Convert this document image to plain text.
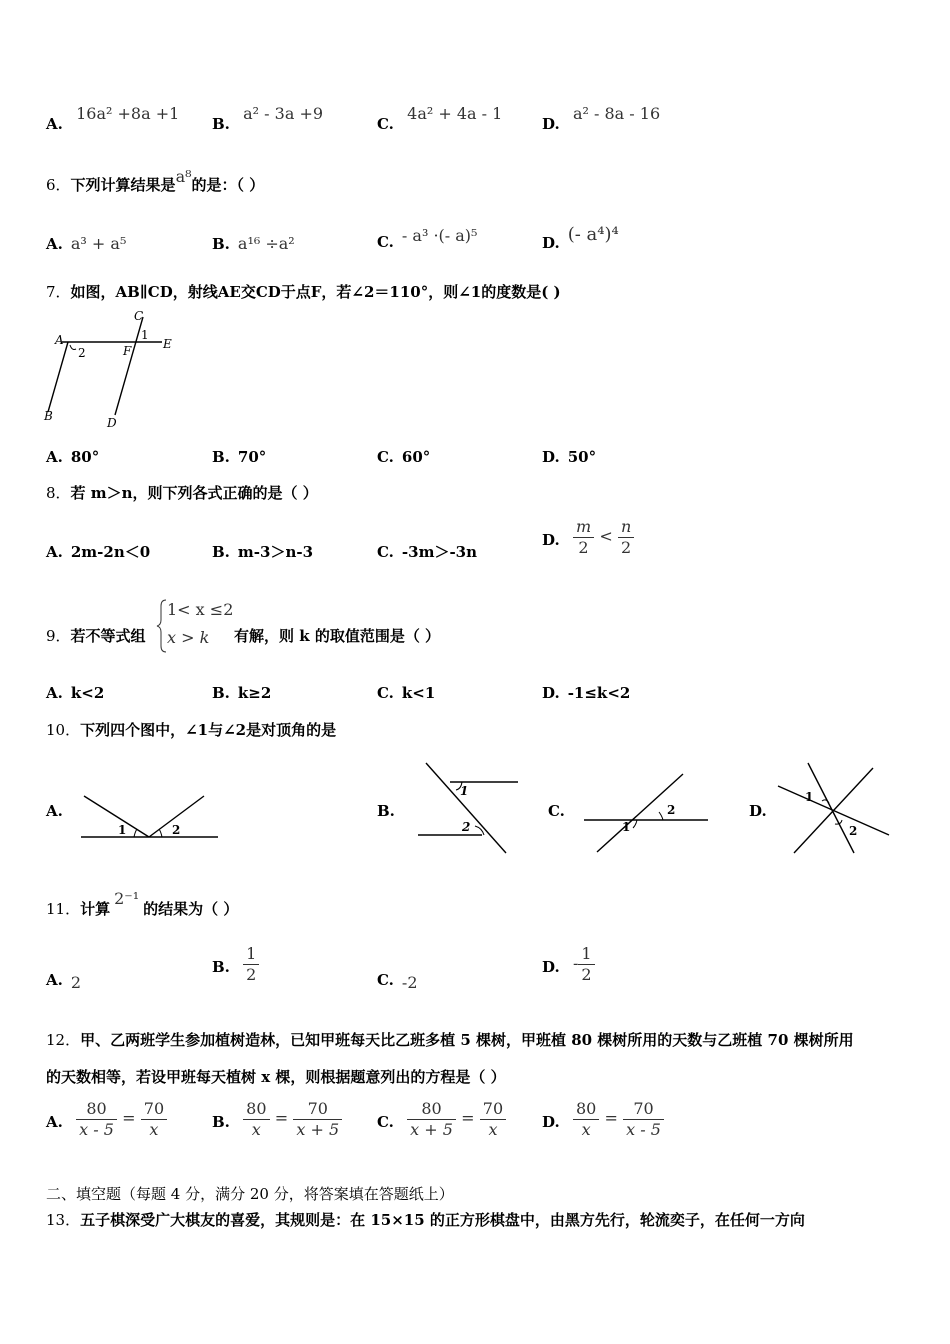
A. 16a² +8a +1
B. a² - 3a +9
C. 4a² + 4a - 1
D. a² - 8a - 16
6．下列计算结果是a⁸的是：（ ）
A. a³ + a⁵	B. a¹⁶ ÷a²	C. - a³ ·(- a)⁵	D. (- a⁴)⁴
7．如图，AB∥CD，射线AE交CD于点F，若∠2＝110°，则∠1的度数是( )
A
B
C
D
E
F
1
2
A. 80°	B. 70°	C. 60°	D. 50°
8．若 m＞n，则下列各式正确的是（ ）
A. 2m-2n＜0	B. m-3＞n-3	C. -3m＞-3n
D. $\frac{m}{2} < \frac{n}{2}$
9．若不等式组
1< x ≤2
x > k 有解，则 k 的取值范围是（ ）
A. k<2	B. k≥2	C. k<1	D. -1≤k<2
10．下列四个图中，∠1与∠2是对顶角的是
A.
1	2
B.
1
2
C.
1
2	D.
1
2
11．计算2⁻¹的结果为（ ）
A. 2
B. $\frac{1}{2}$	C. -2
D. - $\frac{1}{2}$
12．甲、乙两班学生参加植树造林，已知甲班每天比乙班多植 5 棵树，甲班植 80 棵树所用的天数与乙班植 70 棵树所用
的天数相等，若设甲班每天植树 x 棵，则根据题意列出的方程是（ ）
A. $\frac{80}{x - 5} = \frac{70}{x}$	B. $\frac{80}{x} = \frac{70}{x + 5} C$. $\frac{80}{x + 5} = \frac{70}{x} D$. $\frac{80}{x} = \frac{70}{x - 5}$
二、填空题（每题 4 分，满分 20 分，将答案填在答题纸上）
13．五子棋深受广大棋友的喜爱，其规则是：在 15×15 的正方形棋盘中，由黑方先行，轮流奕子，在任何一方向
